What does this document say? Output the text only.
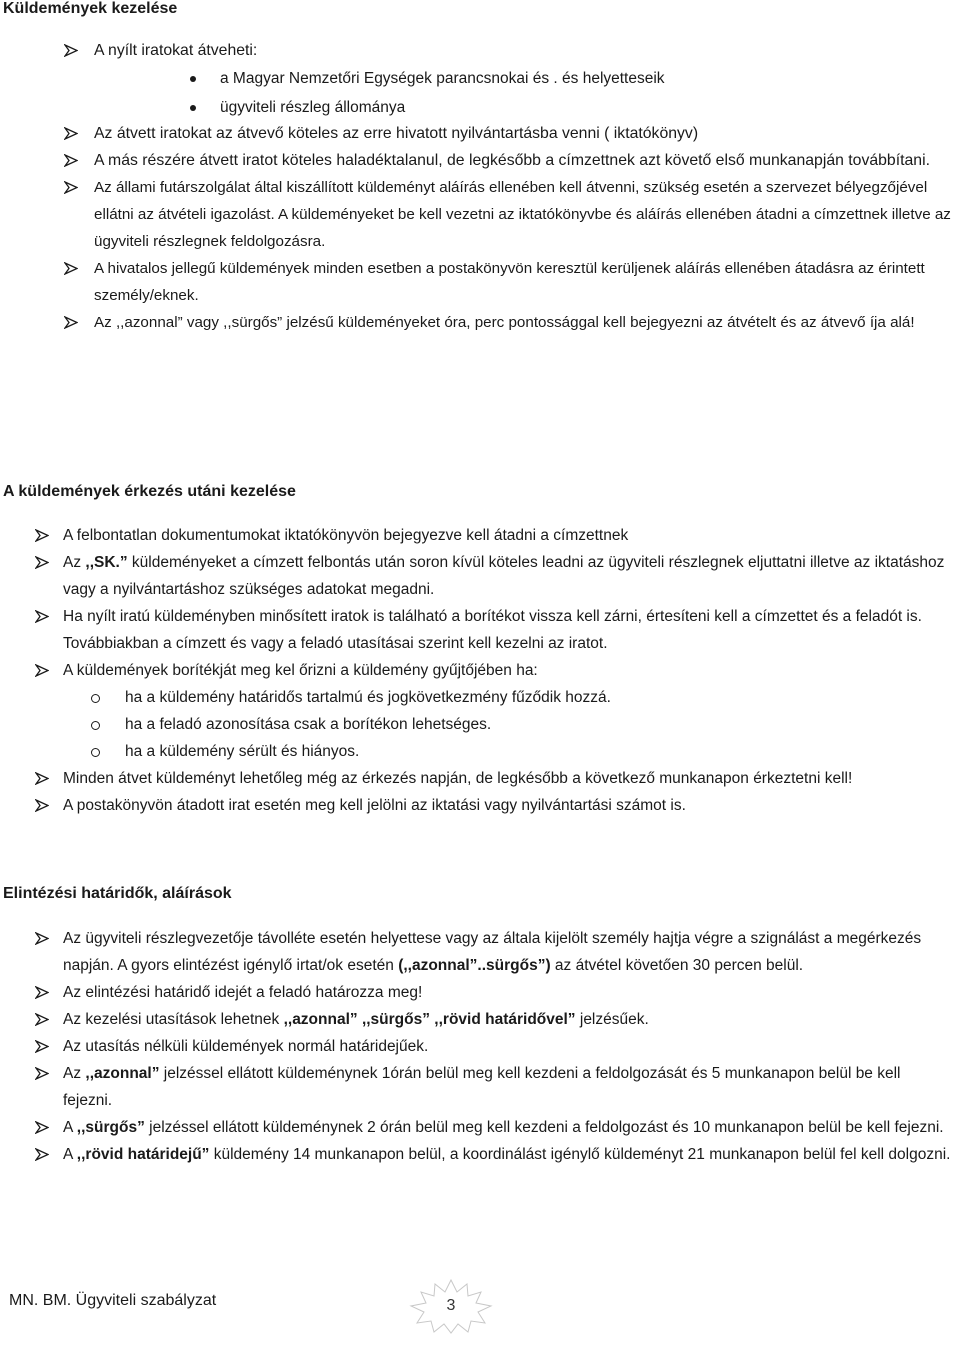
Küldemények kezelése
A nyílt iratokat átveheti:
a Magyar Nemzetőri Egységek parancsnokai és . és helyetteseik
ügyviteli részleg állománya
Az átvett iratokat az átvevő köteles az erre hivatott nyilvántartásba venni ( iktatókönyv)
A más részére átvett iratot köteles haladéktalanul, de legkésőbb a címzettnek azt követő első munkanapján továbbítani.
Az állami futárszolgálat által kiszállított küldeményt aláírás ellenében kell átvenni, szükség esetén a szervezet bélyegzőjével ellátni az átvételi igazolást. A küldeményeket be kell vezetni az iktatókönyvbe és aláírás ellenében átadni a címzettnek illetve az ügyviteli részlegnek feldolgozásra.
A hivatalos jellegű küldemények minden esetben a postakönyvön keresztül kerüljenek aláírás ellenében átadásra az érintett személy/eknek.
Az ,,azonnal” vagy ,,sürgős” jelzésű küldeményeket óra, perc pontossággal kell bejegyezni az átvételt és az átvevő íja alá!
A küldemények érkezés utáni kezelése
A felbontatlan dokumentumokat iktatókönyvön bejegyezve kell átadni a címzettnek
Az ,,SK.” küldeményeket a címzett felbontás után soron kívül köteles leadni az ügyviteli részlegnek eljuttatni illetve az iktatáshoz vagy a nyilvántartáshoz szükséges adatokat megadni.
Ha nyílt iratú küldeményben minősített iratok is található a borítékot vissza kell zárni, értesíteni kell a címzettet és a feladót is. Továbbiakban a címzett és vagy a feladó utasításai szerint kell kezelni az iratot.
A küldemények borítékját meg kel őrizni a küldemény gyűjtőjében ha:
ha a küldemény határidős tartalmú és jogkövetkezmény fűződik hozzá.
ha a feladó azonosítása csak a borítékon lehetséges.
ha a küldemény sérült és hiányos.
Minden átvet küldeményt lehetőleg még az érkezés napján, de legkésőbb a következő munkanapon érkeztetni kell!
A postakönyvön átadott irat esetén meg kell jelölni az iktatási vagy nyilvántartási számot is.
Elintézési határidők, aláírások
Az ügyviteli részlegvezetője távolléte esetén helyettese vagy az általa kijelölt személy hajtja végre a szignálást a megérkezés napján. A gyors elintézést igénylő irtat/ok esetén (,,azonnal”..sürgős”) az átvétel követően 30 percen belül.
Az elintézési határidő idejét a feladó határozza meg!
Az kezelési utasítások lehetnek ,,azonnal” ,,sürgős” ,,rövid határidővel” jelzésűek.
Az utasítás nélküli küldemények normál határidejűek.
Az ,,azonnal” jelzéssel ellátott küldeménynek 1órán belül meg kell kezdeni a feldolgozását és 5 munkanapon belül be kell fejezni.
A ,,sürgős” jelzéssel ellátott küldeménynek 2 órán belül meg kell kezdeni a feldolgozást és 10 munkanapon belül be kell fejezni.
A ,,rövid határidejű” küldemény 14 munkanapon belül, a koordinálást igénylő küldeményt 21 munkanapon belül fel kell dolgozni.
MN. BM. Ügyviteli szabályzat	3
